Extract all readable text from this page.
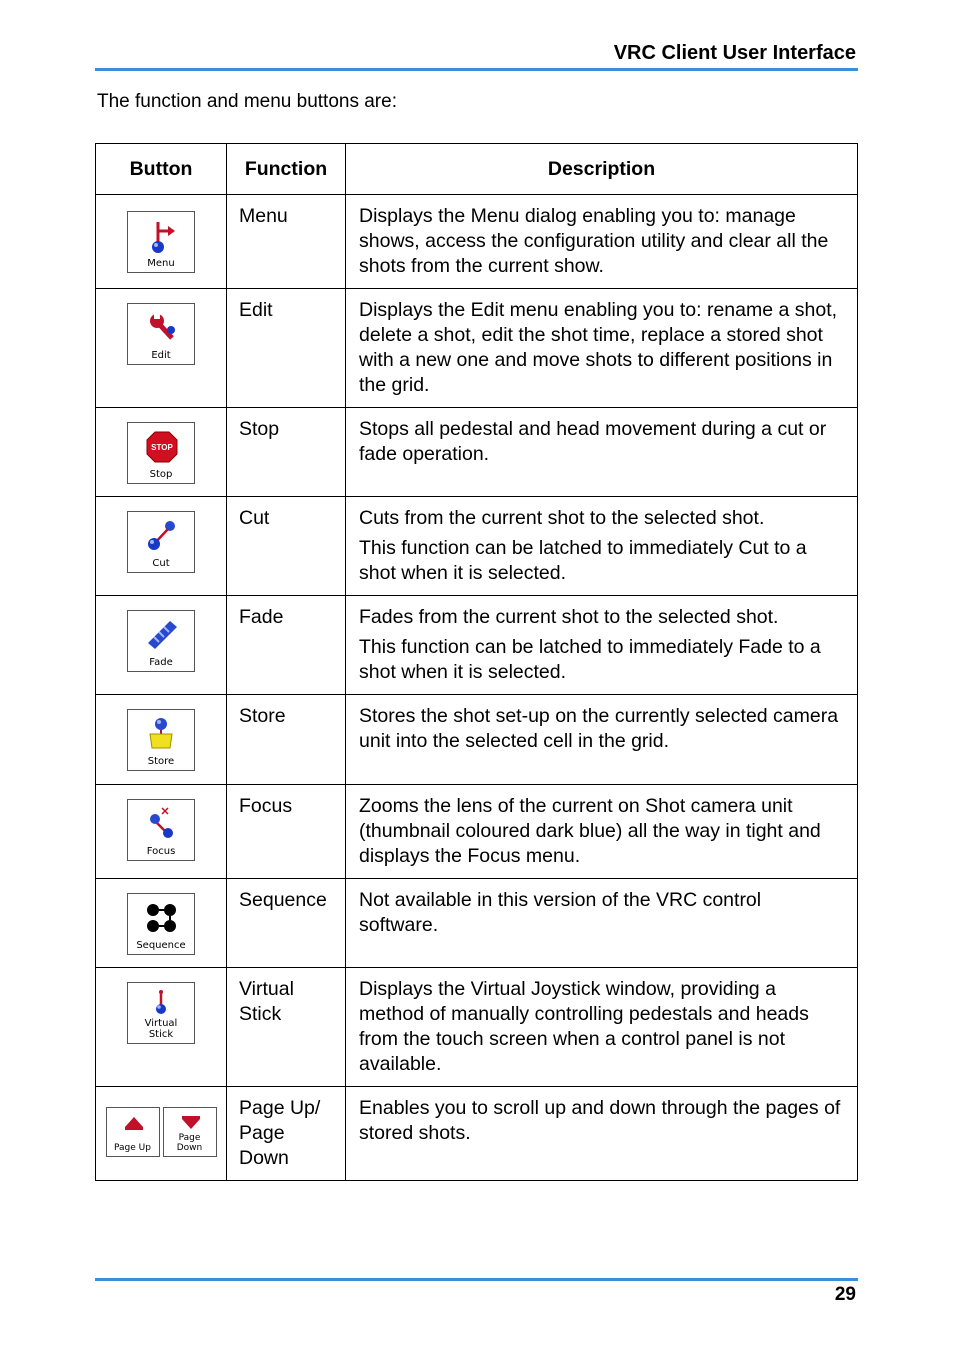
VRC Client User Interface
The function and menu buttons are:
Button	Function	Description

Menu	Menu	Displays the Menu dialog enabling you to: manage shows, access the configuration utility and clear all the shots from the current show.

Edit	Edit	Displays the Edit menu enabling you to: rename a shot, delete a shot, edit the shot time, replace a stored shot with a new one and move shots to different positions in the grid.

STOP
Stop	Stop	Stops all pedestal and head movement during a cut or fade operation.

Cut	Cut	Cuts from the current shot to the selected shot.

This function can be latched to immediately Cut to a shot when it is selected.

Fade	Fade	Fades from the current shot to the selected shot.

This function can be latched to immediately Fade to a shot when it is selected.

Store	Store	Stores the shot set-up on the currently selected camera unit into the selected cell in the grid.

Focus	Focus	Zooms the lens of the current on Shot camera unit (thumbnail coloured dark blue) all the way in tight and displays the Focus menu.

Sequence	Sequence	Not available in this version of the VRC control software.

Virtual Stick	Virtual Stick	Displays the Virtual Joystick window, providing a method of manually controlling pedestals and heads from the touch screen when a control panel is not available.

Page Up
Page Down	Page Up/ Page Down	Enables you to scroll up and down through the pages of stored shots.

29
